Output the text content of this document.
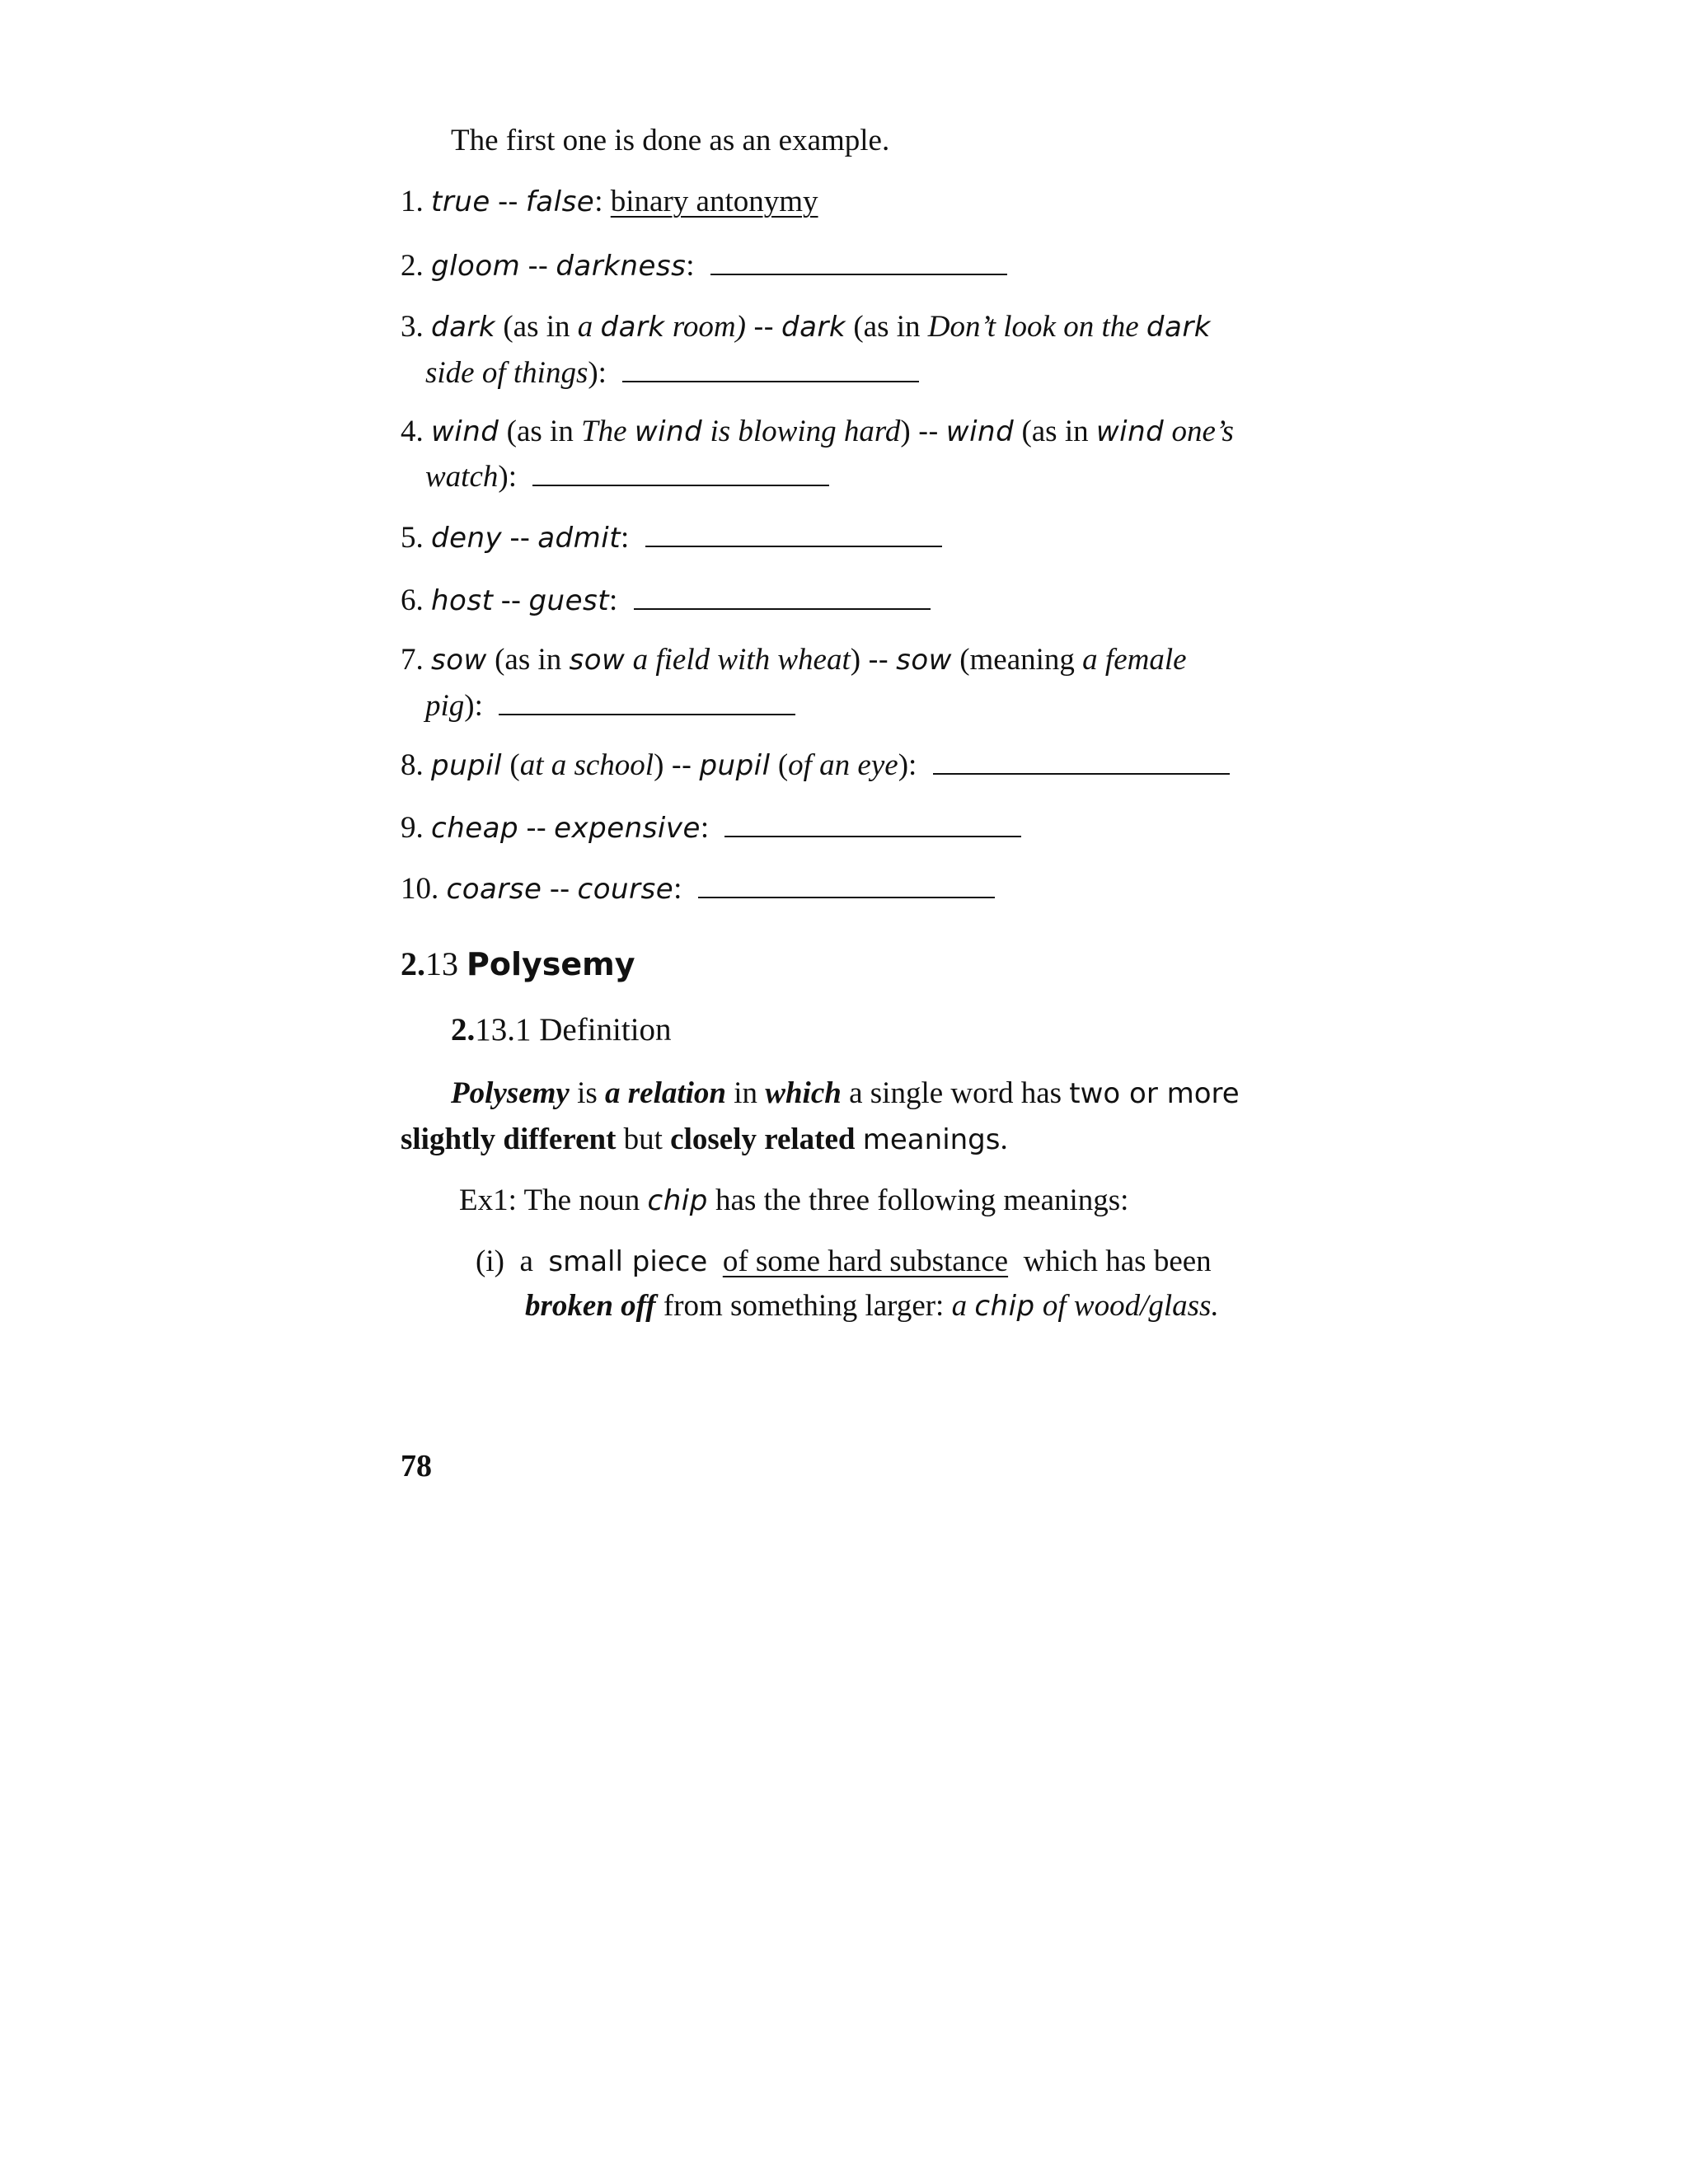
The first one is done as an example.
1. true -- false: binary antonymy
2. gloom -- darkness:
3. dark (as in a dark room) -- dark (as in Don’t look on the dark
side of things):
4. wind (as in The wind is blowing hard) -- wind (as in wind one’s
watch):
5. deny -- admit:
6. host -- guest:
7. sow (as in sow a field with wheat) -- sow (meaning a female
pig):
8. pupil (at a school) -- pupil (of an eye):
9. cheap -- expensive:
10. coarse -- course:
2.13 Polysemy
2.13.1 Definition
Polysemy is a relation in which a single word has two or more
slightly different but closely related meanings.
Ex1: The noun chip has the three following meanings:
(i) a small piece of some hard substance which has been
broken off from something larger: a chip of wood/glass.
78
